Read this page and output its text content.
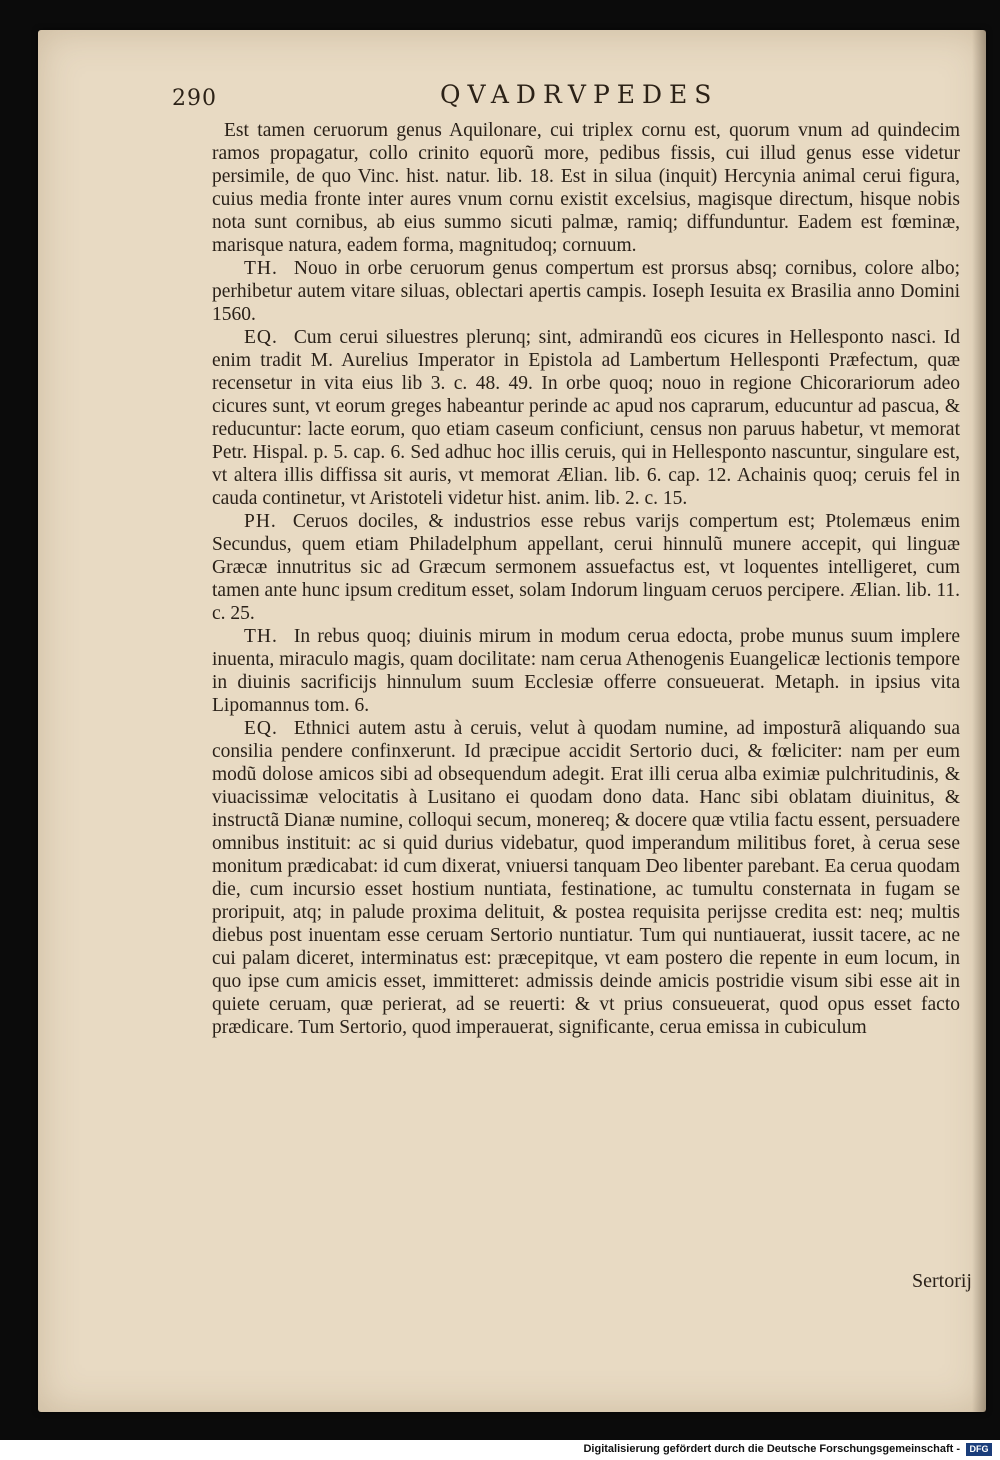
290	QVADRVPEDES

Est tamen ceruorum genus Aquilonare, cui triplex cornu est, quorum vnum ad quindecim ramos propagatur, collo crinito equorũ more, pedibus fissis, cui illud genus esse videtur persimile, de quo Vinc. hist. natur. lib. 18. Est in silua (inquit) Hercynia animal cerui figura, cuius media fronte inter aures vnum cornu existit excelsius, magisque directum, hisque nobis nota sunt cornibus, ab eius summo sicuti palmæ, ramiq; diffunduntur. Eadem est fœminæ, marisque natura, eadem forma, magnitudoq; cornuum.

TH. Nouo in orbe ceruorum genus compertum est prorsus absq; cornibus, colore albo; perhibetur autem vitare siluas, oblectari apertis campis. Ioseph Iesuita ex Brasilia anno Domini 1560.

EQ. Cum cerui siluestres plerunq; sint, admirandũ eos cicures in Hellesponto nasci. Id enim tradit M. Aurelius Imperator in Epistola ad Lambertum Hellesponti Præfectum, quæ recensetur in vita eius lib 3. c. 48. 49. In orbe quoq; nouo in regione Chicorariorum adeo cicures sunt, vt eorum greges habeantur perinde ac apud nos caprarum, educuntur ad pascua, & reducuntur: lacte eorum, quo etiam caseum conficiunt, census non paruus habetur, vt memorat Petr. Hispal. p. 5. cap. 6. Sed adhuc hoc illis ceruis, qui in Hellesponto nascuntur, singulare est, vt altera illis diffissa sit auris, vt memorat Ælian. lib. 6. cap. 12. Achainis quoq; ceruis fel in cauda continetur, vt Aristoteli videtur hist. anim. lib. 2. c. 15.

PH. Ceruos dociles, & industrios esse rebus varijs compertum est; Ptolemæus enim Secundus, quem etiam Philadelphum appellant, cerui hinnulũ munere accepit, qui linguæ Græcæ innutritus sic ad Græcum sermonem assuefactus est, vt loquentes intelligeret, cum tamen ante hunc ipsum creditum esset, solam Indorum linguam ceruos percipere. Ælian. lib. 11. c. 25.

TH. In rebus quoq; diuinis mirum in modum cerua edocta, probe munus suum implere inuenta, miraculo magis, quam docilitate: nam cerua Athenogenis Euangelicæ lectionis tempore in diuinis sacrificijs hinnulum suum Ecclesiæ offerre consueuerat. Metaph. in ipsius vita Lipomannus tom. 6.

EQ. Ethnici autem astu à ceruis, velut à quodam numine, ad imposturã aliquando sua consilia pendere confinxerunt. Id præcipue accidit Sertorio duci, & fœliciter: nam per eum modũ dolose amicos sibi ad obsequendum adegit. Erat illi cerua alba eximiæ pulchritudinis, & viuacissimæ velocitatis à Lusitano ei quodam dono data. Hanc sibi oblatam diuinitus, & instructã Dianæ numine, colloqui secum, monereq; & docere quæ vtilia factu essent, persuadere omnibus instituit: ac si quid durius videbatur, quod imperandum militibus foret, à cerua sese monitum prædicabat: id cum dixerat, vniuersi tanquam Deo libenter parebant. Ea cerua quodam die, cum incursio esset hostium nuntiata, festinatione, ac tumultu consternata in fugam se proripuit, atq; in palude proxima delituit, & postea requisita perijsse credita est: neq; multis diebus post inuentam esse ceruam Sertorio nuntiatur. Tum qui nuntiauerat, iussit tacere, ac ne cui palam diceret, interminatus est: præcepitque, vt eam postero die repente in eum locum, in quo ipse cum amicis esset, immitteret: admissis deinde amicis postridie visum sibi esse ait in quiete ceruam, quæ perierat, ad se reuerti: & vt prius consueuerat, quod opus esset facto prædicare. Tum Sertorio, quod imperauerat, significante, cerua emissa in cubiculum

Sertorij
Digitalisierung gefördert durch die Deutsche Forschungsgemeinschaft -	DFG
